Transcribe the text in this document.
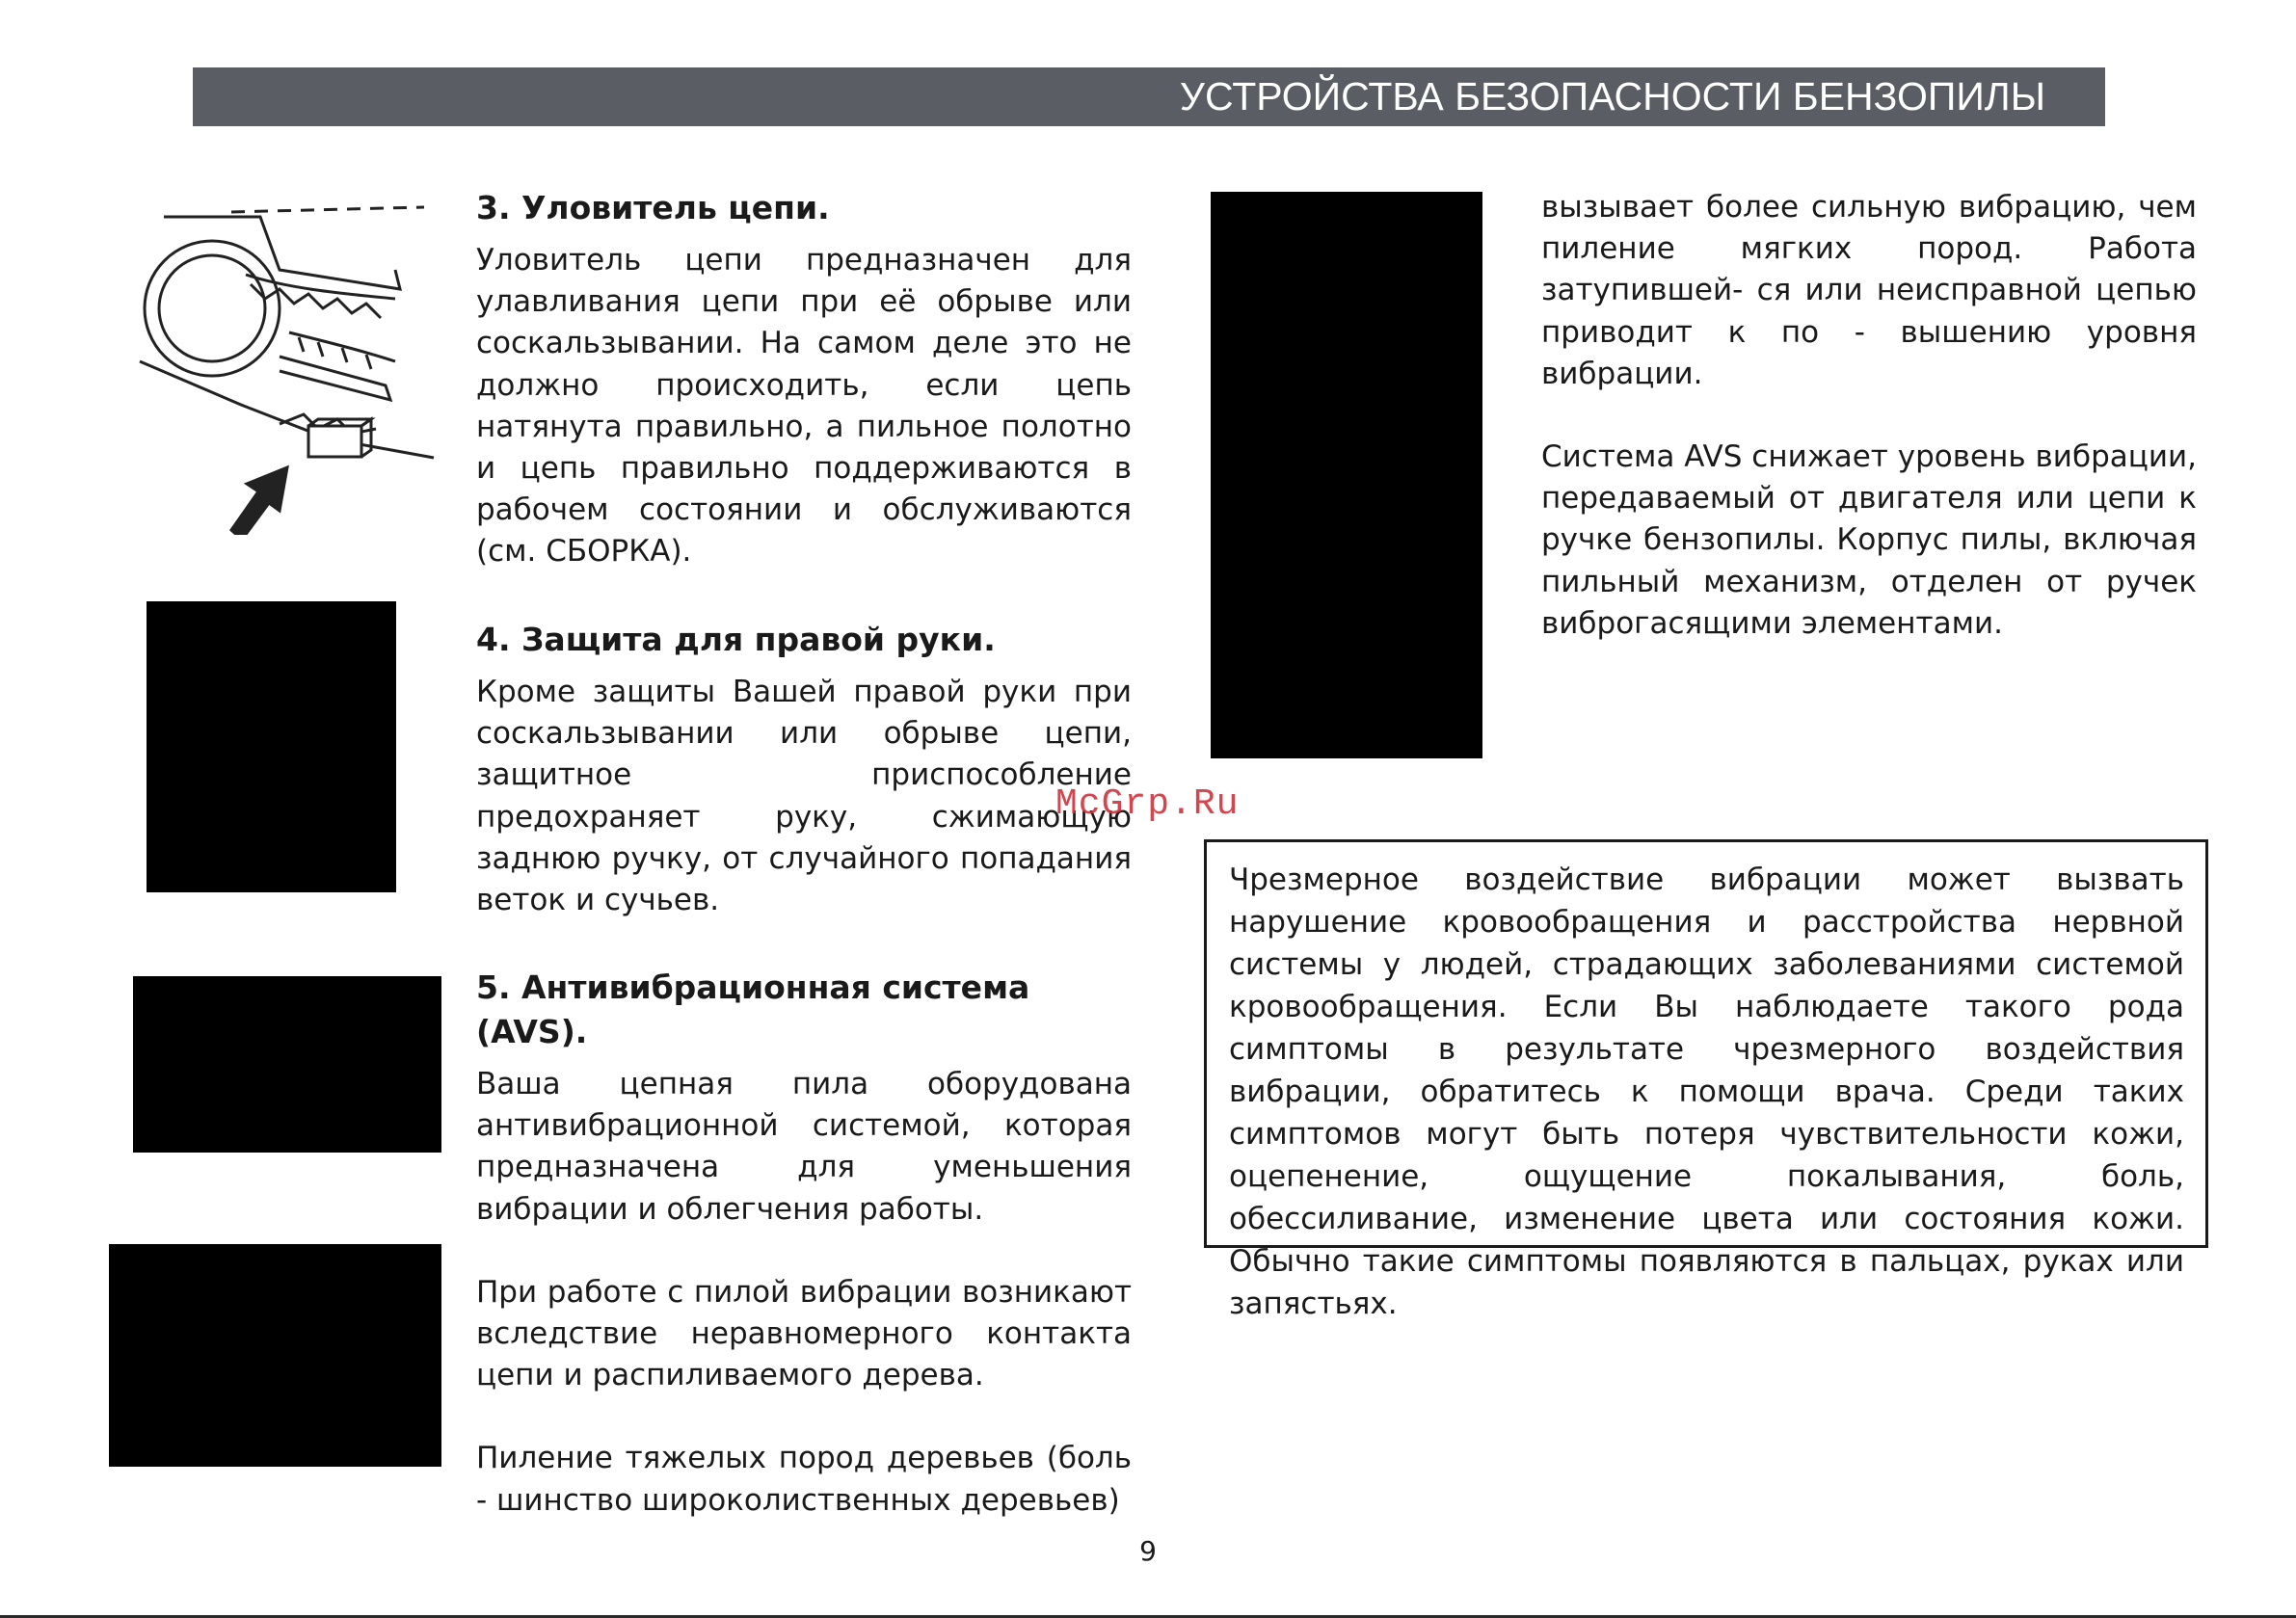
УСТРОЙСТВА БЕЗОПАСНОСТИ БЕНЗОПИЛЫ
3. Уловитель цепи.

Уловитель цепи предназначен для улавливания цепи при её обрыве или соскальзывании. На самом деле это не должно происходить, если цепь натянута правильно, а пильное полотно и цепь правильно поддерживаются в рабочем состоянии и обслуживаются (см. СБОРКА).

4. Защита для правой руки.

Кроме защиты Вашей правой руки при соскальзывании или обрыве цепи, защитное приспособление предохраняет руку, сжимающую заднюю ручку, от случайного попадания веток и сучьев.

5. Антивибрационная система (AVS).

Ваша цепная пила оборудована антивибрационной системой, которая предназначена для уменьшения вибрации и облегчения работы.

При работе с пилой вибрации возникают вследствие неравномерного контакта цепи и распиливаемого дерева.

Пиление тяжелых пород деревьев (боль - шинство широколиственных деревьев)

вызывает более сильную вибрацию, чем пиление мягких пород. Работа затупившей- ся или неисправной цепью приводит к по - вышению уровня вибрации.

Система AVS снижает уровень вибрации, передаваемый от двигателя или цепи к ручке бензопилы. Корпус пилы, включая пильный механизм, отделен от ручек виброгасящими элементами.

Чрезмерное воздействие вибрации может вызвать нарушение кровообращения и расстройства нервной системы у людей, страдающих заболеваниями системой кровообращения. Если Вы наблюдаете такого рода симптомы в результате чрезмерного воздействия вибрации, обратитесь к помощи врача. Среди таких симптомов могут быть потеря чувствительности кожи, оцепенение, ощущение покалывания, боль, обессиливание, изменение цвета или состояния кожи. Обычно такие симптомы появляются в пальцах, руках или запястьях.

McGrp.Ru
9
